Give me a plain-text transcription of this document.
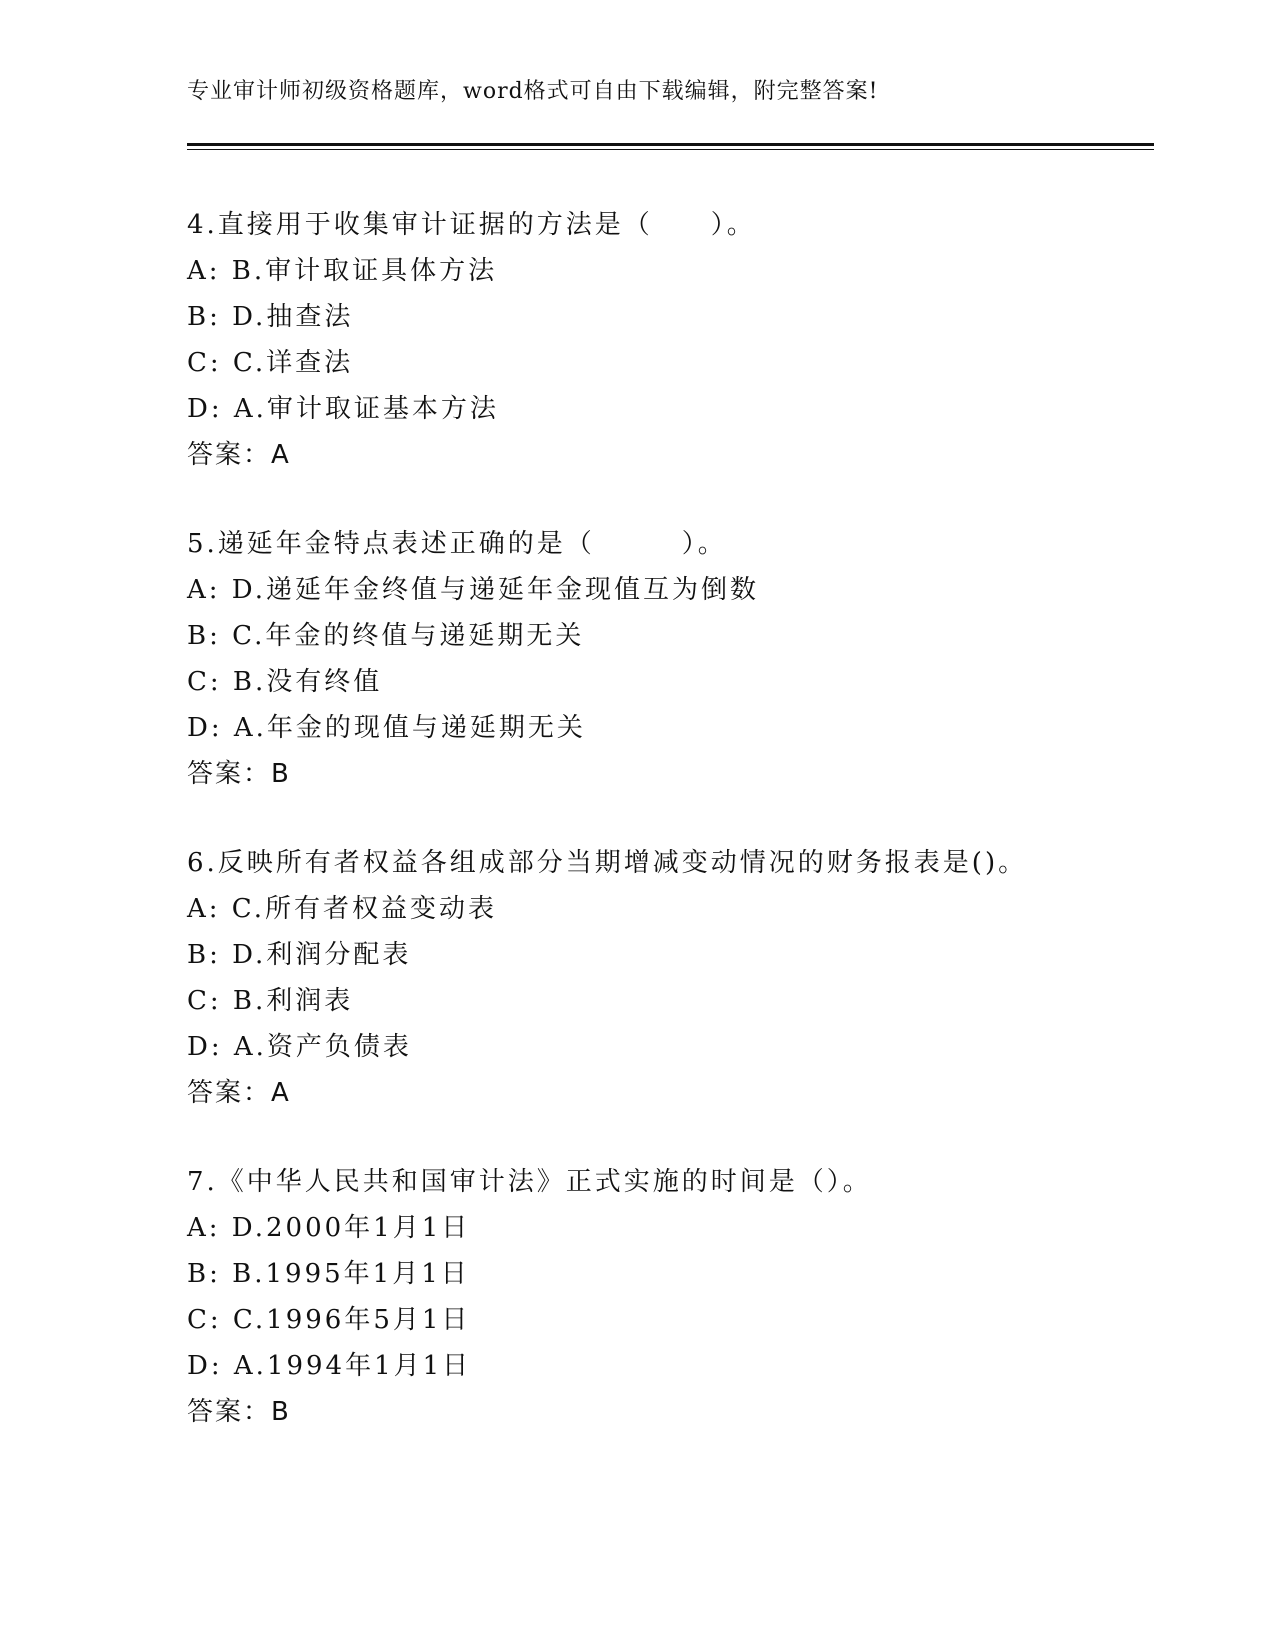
专业审计师初级资格题库，word格式可自由下载编辑，附完整答案!
4.直接用于收集审计证据的方法是（　　）。
A: B.审计取证具体方法
B: D.抽查法
C: C.详查法
D: A.审计取证基本方法
答案：A
5.递延年金特点表述正确的是（　　　）。
A: D.递延年金终值与递延年金现值互为倒数
B: C.年金的终值与递延期无关
C: B.没有终值
D: A.年金的现值与递延期无关
答案：B
6.反映所有者权益各组成部分当期增减变动情况的财务报表是()。
A: C.所有者权益变动表
B: D.利润分配表
C: B.利润表
D: A.资产负债表
答案：A
7.《中华人民共和国审计法》正式实施的时间是（）。
A: D.2000年1月1日
B: B.1995年1月1日
C: C.1996年5月1日
D: A.1994年1月1日
答案：B
